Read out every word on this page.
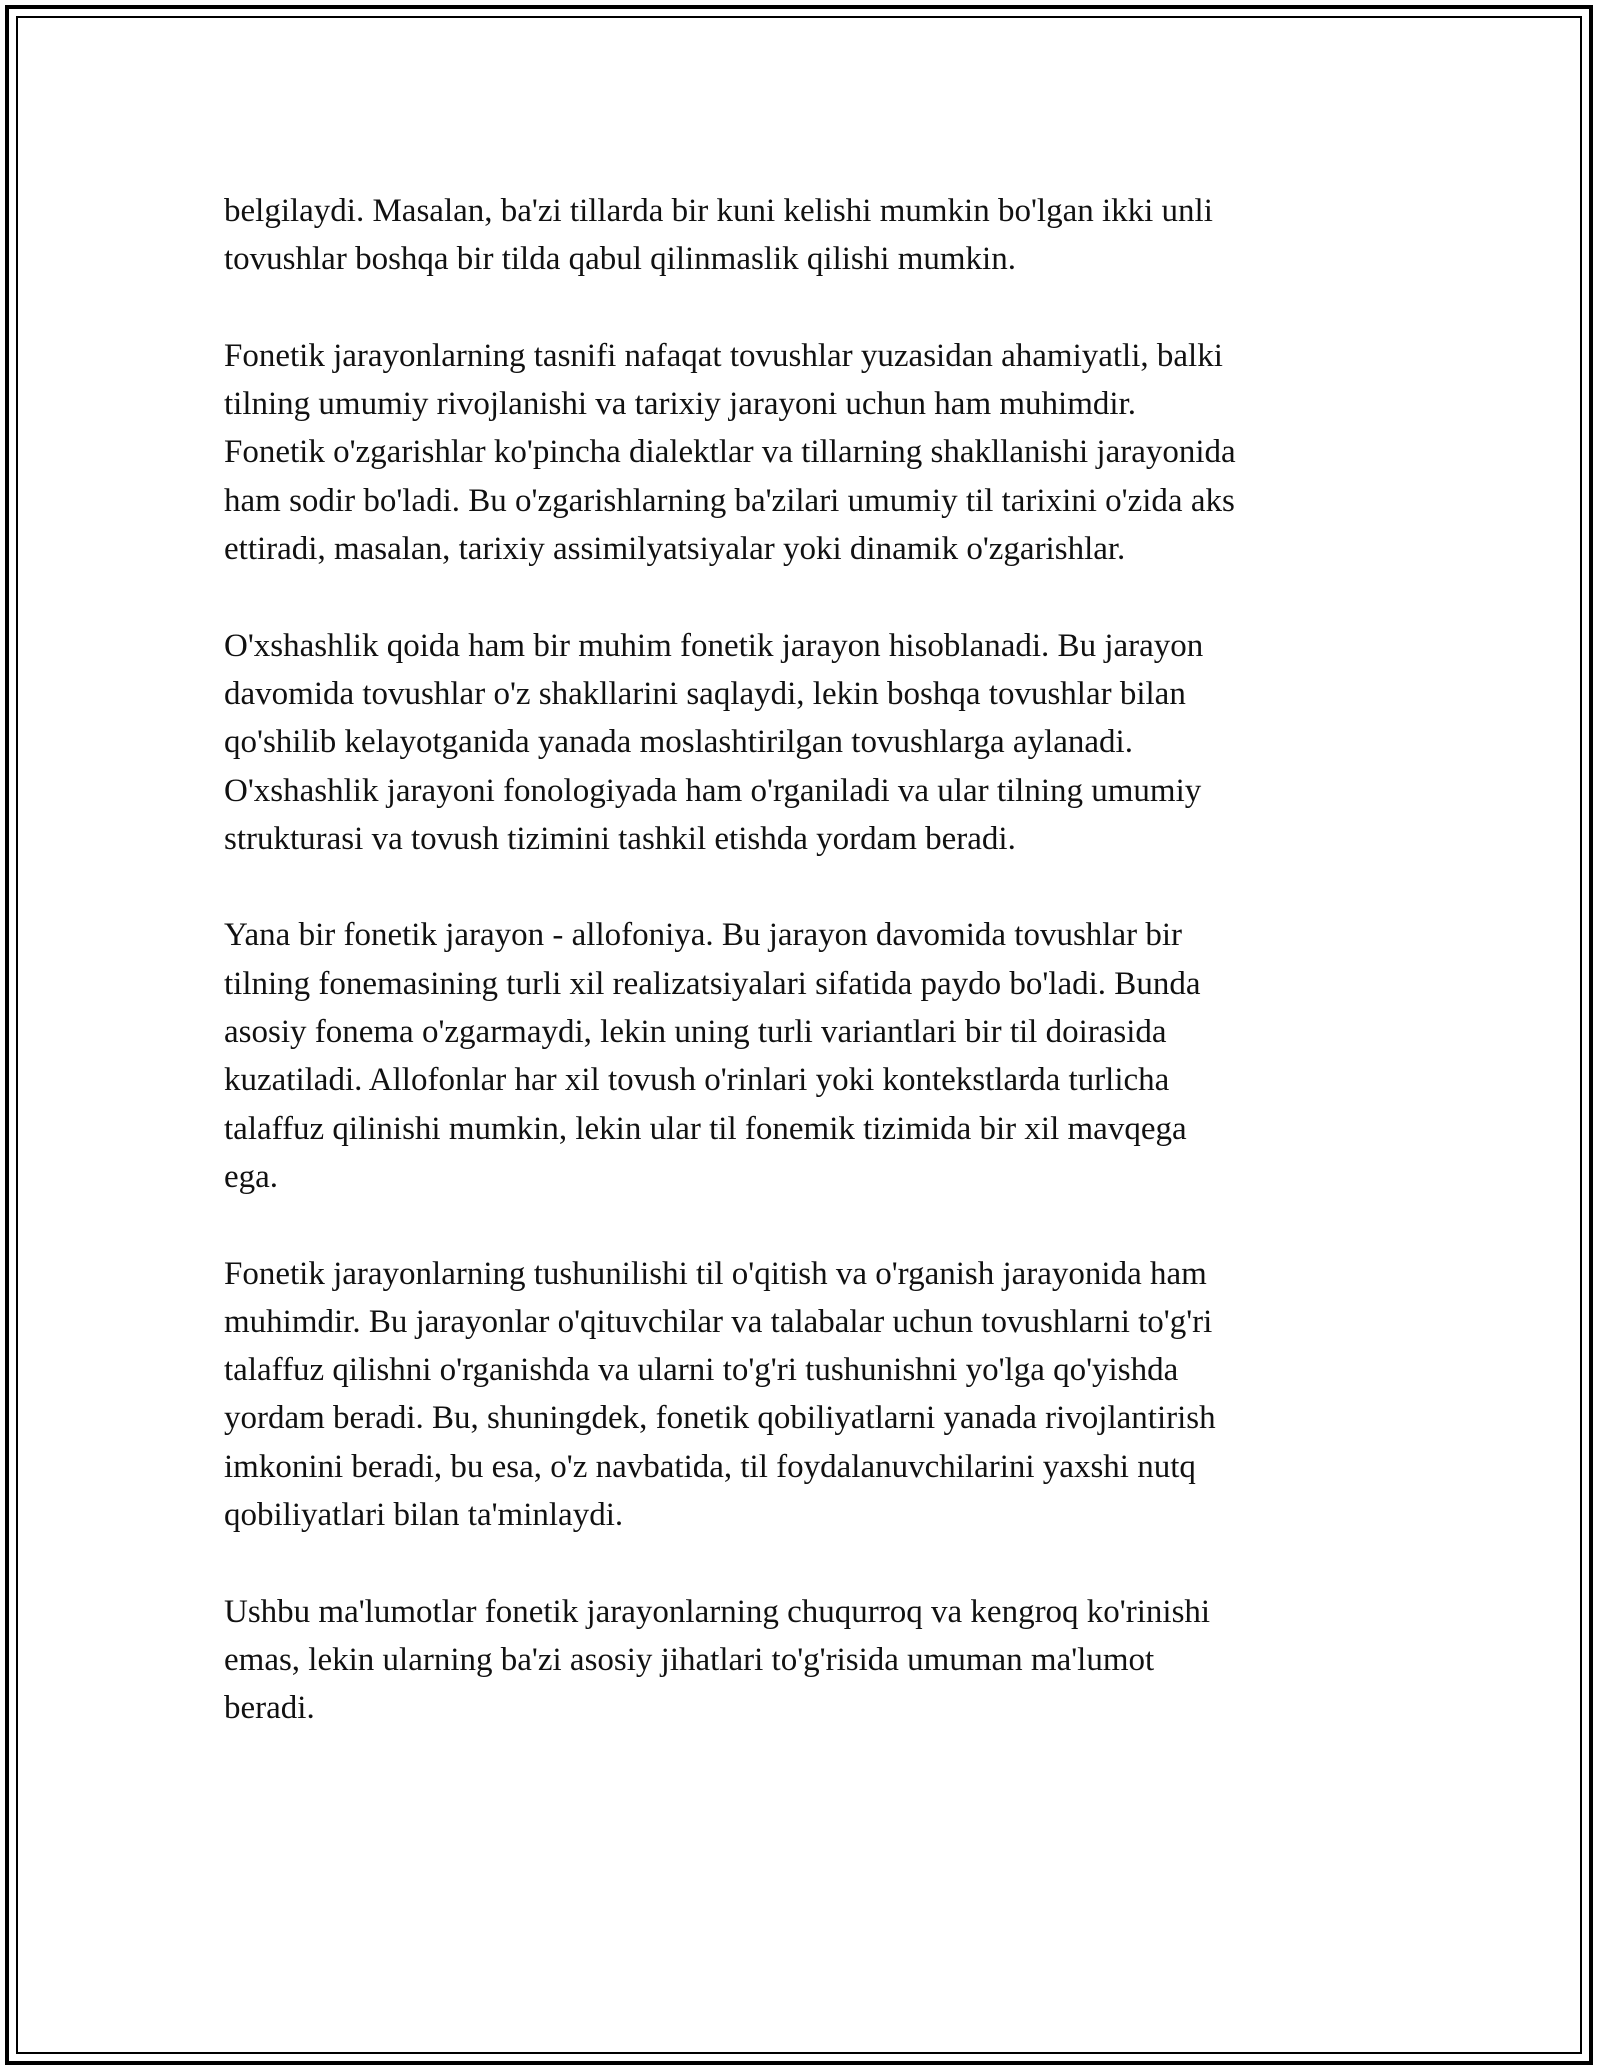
belgilaydi. Masalan, ba'zi tillarda bir kuni kelishi mumkin bo'lgan ikki unli
tovushlar boshqa bir tilda qabul qilinmaslik qilishi mumkin.

Fonetik jarayonlarning tasnifi nafaqat tovushlar yuzasidan ahamiyatli, balki
tilning umumiy rivojlanishi va tarixiy jarayoni uchun ham muhimdir.
Fonetik o'zgarishlar ko'pincha dialektlar va tillarning shakllanishi jarayonida
ham sodir bo'ladi. Bu o'zgarishlarning ba'zilari umumiy til tarixini o'zida aks
ettiradi, masalan, tarixiy assimilyatsiyalar yoki dinamik o'zgarishlar.

O'xshashlik qoida ham bir muhim fonetik jarayon hisoblanadi. Bu jarayon
davomida tovushlar o'z shakllarini saqlaydi, lekin boshqa tovushlar bilan
qo'shilib kelayotganida yanada moslashtirilgan tovushlarga aylanadi.
O'xshashlik jarayoni fonologiyada ham o'rganiladi va ular tilning umumiy
strukturasi va tovush tizimini tashkil etishda yordam beradi.

Yana bir fonetik jarayon - allofoniya. Bu jarayon davomida tovushlar bir
tilning fonemasining turli xil realizatsiyalari sifatida paydo bo'ladi. Bunda
asosiy fonema o'zgarmaydi, lekin uning turli variantlari bir til doirasida
kuzatiladi. Allofonlar har xil tovush o'rinlari yoki kontekstlarda turlicha
talaffuz qilinishi mumkin, lekin ular til fonemik tizimida bir xil mavqega
ega.

Fonetik jarayonlarning tushunilishi til o'qitish va o'rganish jarayonida ham
muhimdir. Bu jarayonlar o'qituvchilar va talabalar uchun tovushlarni to'g'ri
talaffuz qilishni o'rganishda va ularni to'g'ri tushunishni yo'lga qo'yishda
yordam beradi. Bu, shuningdek, fonetik qobiliyatlarni yanada rivojlantirish
imkonini beradi, bu esa, o'z navbatida, til foydalanuvchilarini yaxshi nutq
qobiliyatlari bilan ta'minlaydi.

Ushbu ma'lumotlar fonetik jarayonlarning chuqurroq va kengroq ko'rinishi
emas, lekin ularning ba'zi asosiy jihatlari to'g'risida umuman ma'lumot
beradi.
